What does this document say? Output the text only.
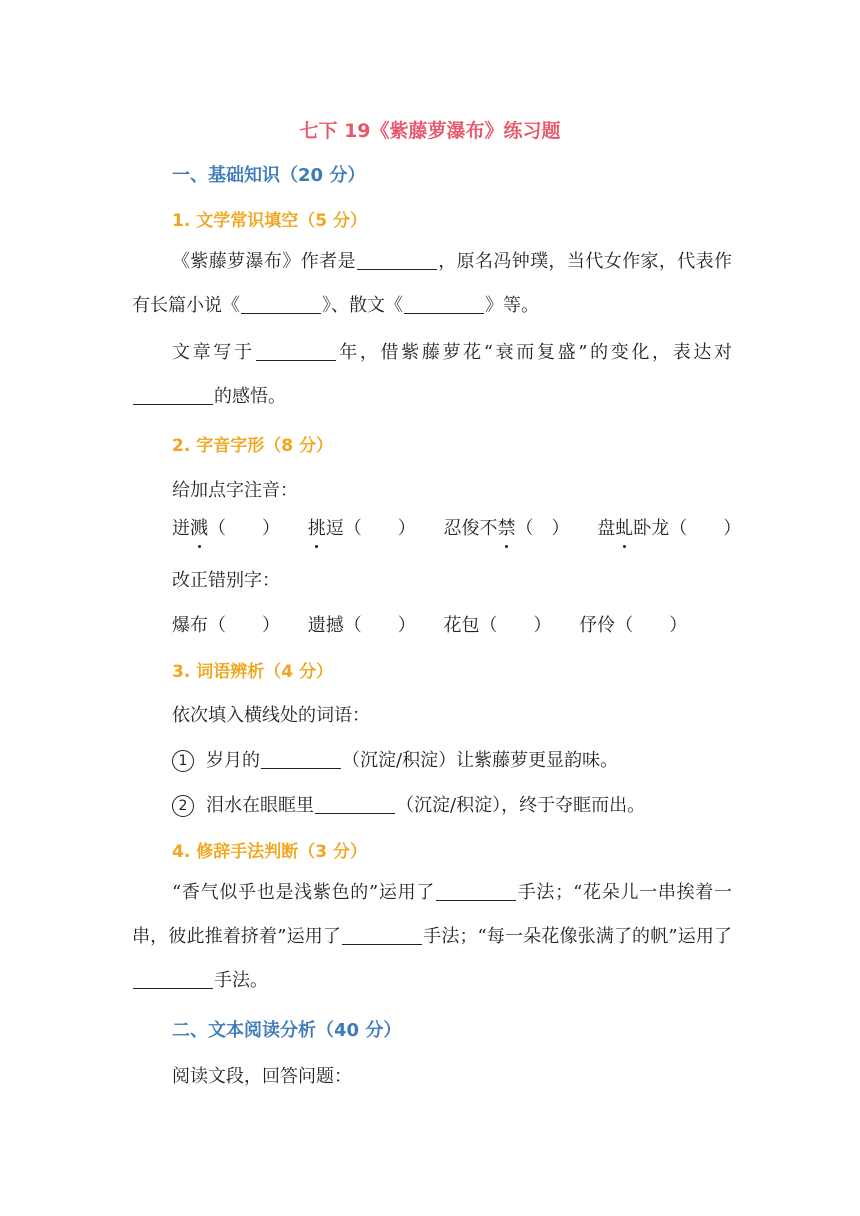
七下 19《紫藤萝瀑布》练习题
一、基础知识（20 分）
1. 文学常识填空（5 分）

《紫藤萝瀑布》作者是	，原名冯钟璞，当代女作家，代表作有长篇小说《	》、散文《	》等。

文章写于	年，借紫藤萝花“衰而复盛”的变化，表达对的感悟。

2. 字音字形（8 分）

给加点字注音：

迸溅（　　） 挑逗（　　） 忍俊不禁（　） 盘虬卧龙（　　）

改正错别字：

爆布（　　） 遗撼（　　） 花包（　　） 伃伶（　　）

3. 词语辨析（4 分）

依次填入横线处的词语：

1 岁月的	（沉淀/积淀）让紫藤萝更显韵味。

2 泪水在眼眶里	（沉淀/积淀），终于夺眶而出。

4. 修辞手法判断（3 分）

“香气似乎也是浅紫色的”运用了	手法；“花朵儿一串挨着一串，彼此推着挤着”运用了	手法；“每一朵花像张满了的帆”运用了手法。

二、文本阅读分析（40 分）

阅读文段，回答问题：
